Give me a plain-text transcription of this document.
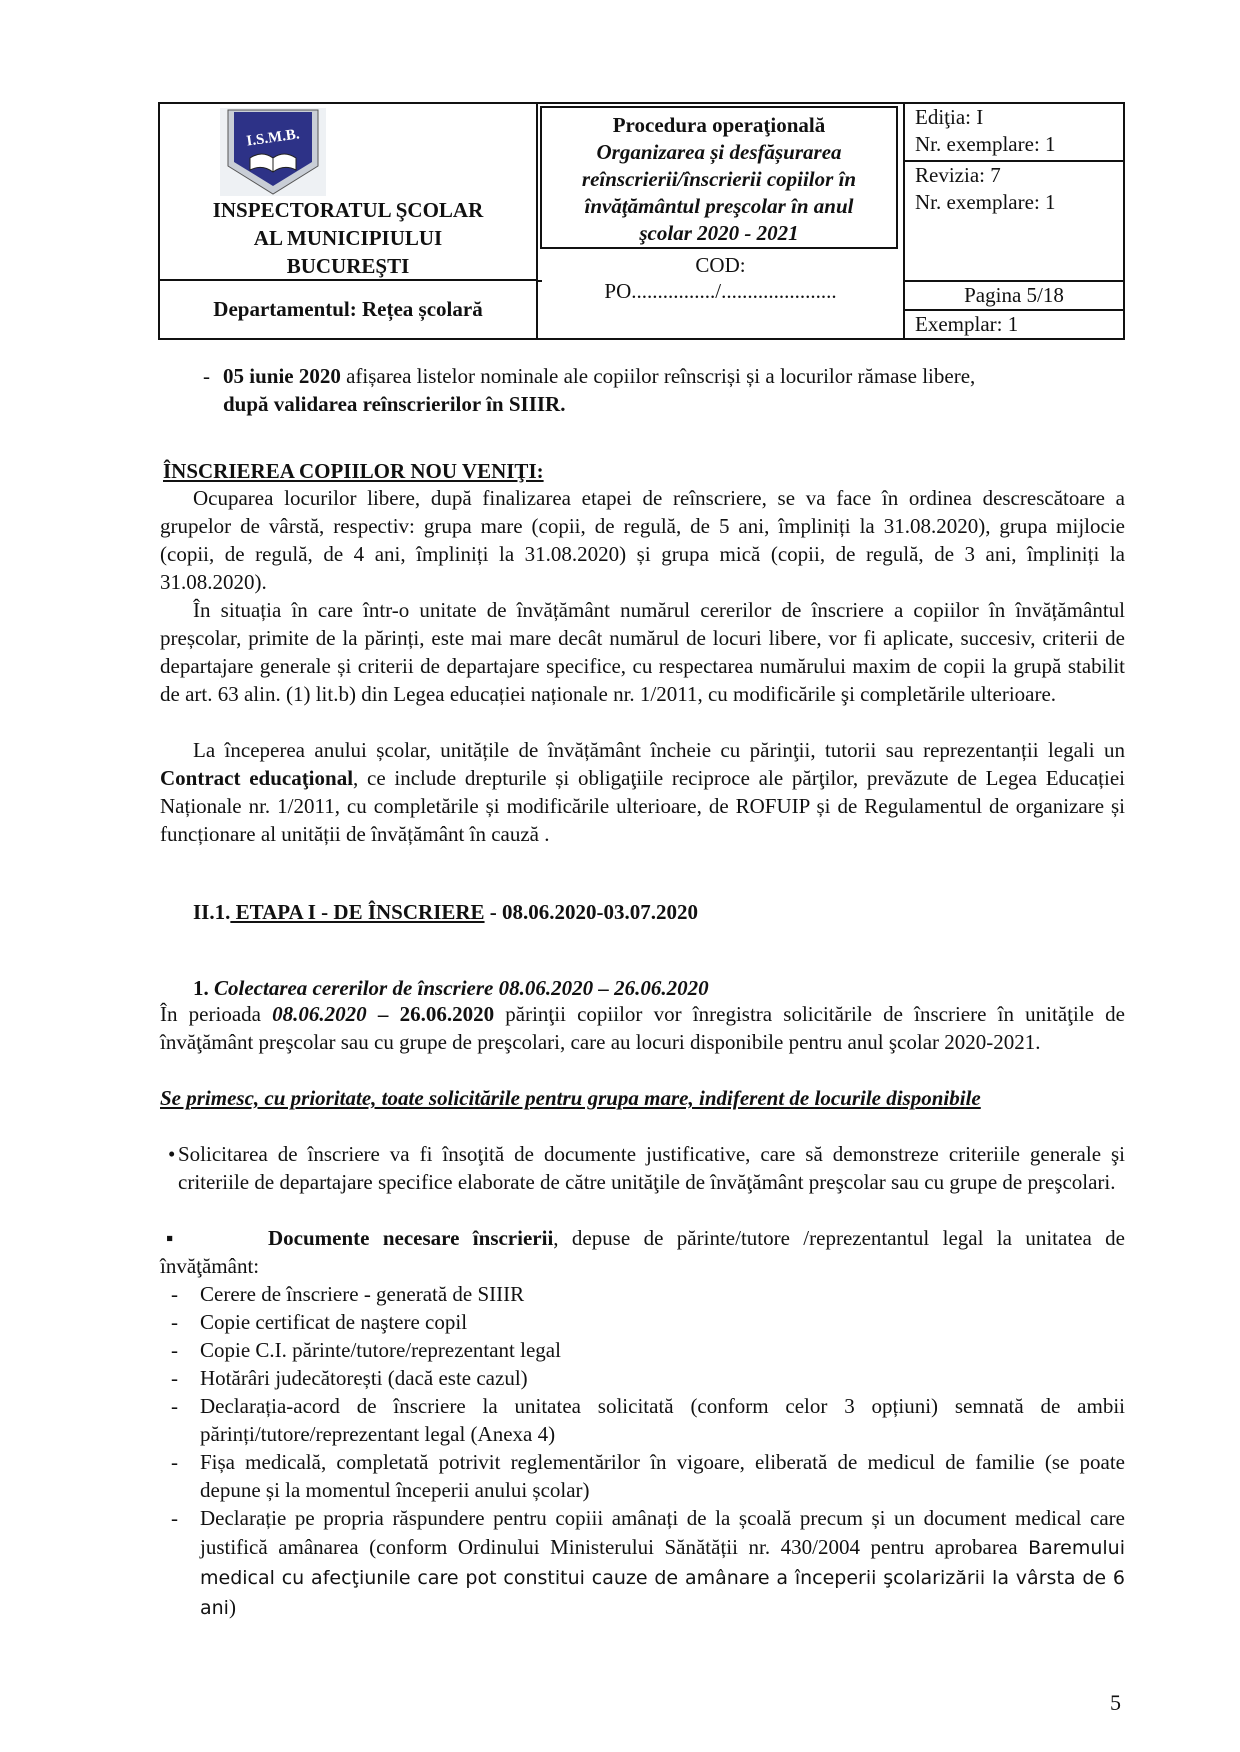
I.S.M.B.
INSPECTORATUL ŞCOLAR
AL MUNICIPIULUI
BUCUREŞTI
Departamentul: Rețea școlară
Procedura operaţională
Organizarea și desfășurarea
reînscrierii/înscrierii copiilor în
învăţământul preşcolar în anul
şcolar 2020 - 2021
COD:
PO................/......................
Ediţia: I
Nr. exemplare: 1
Revizia: 7
Nr. exemplare: 1
Pagina 5/18
Exemplar: 1
- 05 iunie 2020 afișarea listelor nominale ale copiilor reînscriși și a locurilor rămase libere,
după validarea reînscrierilor în SIIIR.
ÎNSCRIEREA COPIILOR NOU VENIŢI:

Ocuparea locurilor libere, după finalizarea etapei de reînscriere, se va face în ordinea descrescătoare a grupelor de vârstă, respectiv: grupa mare (copii, de regulă, de 5 ani, împliniți la 31.08.2020), grupa mijlocie (copii, de regulă, de 4 ani, împliniți la 31.08.2020) și grupa mică (copii, de regulă, de 3 ani, împliniți la 31.08.2020).

În situația în care într-o unitate de învățământ numărul cererilor de înscriere a copiilor în învățământul preșcolar, primite de la părinți, este mai mare decât numărul de locuri libere, vor fi aplicate, succesiv, criterii de departajare generale și criterii de departajare specifice, cu respectarea numărului maxim de copii la grupă stabilit de art. 63 alin. (1) lit.b) din Legea educației naționale nr. 1/2011, cu modificările şi completările ulterioare.

La începerea anului școlar, unitățile de învățământ încheie cu părinţii, tutorii sau reprezentanții legali un Contract educaţional, ce include drepturile și obligaţiile reciproce ale părţilor, prevăzute de Legea Educației Naționale nr. 1/2011, cu completările și modificările ulterioare, de ROFUIP și de Regulamentul de organizare și funcționare al unității de învățământ în cauză .

II.1. ETAPA I - DE ÎNSCRIERE - 08.06.2020-03.07.2020
1. Colectarea cererilor de înscriere 08.06.2020 – 26.06.2020

În perioada 08.06.2020 – 26.06.2020 părinţii copiilor vor înregistra solicitările de înscriere în unităţile de învăţământ preşcolar sau cu grupe de preşcolari, care au locuri disponibile pentru anul şcolar 2020-2021.

Se primesc, cu prioritate, toate solicitările pentru grupa mare, indiferent de locurile disponibile

• Solicitarea de înscriere va fi însoţită de documente justificative, care să demonstreze criteriile generale şi criteriile de departajare specifice elaborate de către unităţile de învăţământ preşcolar sau cu grupe de preşcolari.
▪	Documente necesare înscrierii, depuse de părinte/tutore /reprezentantul legal la unitatea de învăţământ:
- Cerere de înscriere - generată de SIIIR
- Copie certificat de naştere copil
- Copie C.I. părinte/tutore/reprezentant legal
- Hotărâri judecătorești (dacă este cazul)
- Declarația-acord de înscriere la unitatea solicitată (conform celor 3 opțiuni) semnată de ambii părinți/tutore/reprezentant legal (Anexa 4)
- Fișa medicală, completată potrivit reglementărilor în vigoare, eliberată de medicul de familie (se poate depune și la momentul începerii anului școlar)
- Declarație pe propria răspundere pentru copiii amânați de la școală precum și un document medical care justifică amânarea (conform Ordinului Ministerului Sănătății nr. 430/2004 pentru aprobarea Baremului medical cu afecţiunile care pot constitui cauze de amânare a începerii şcolarizării la vârsta de 6 ani)
5
